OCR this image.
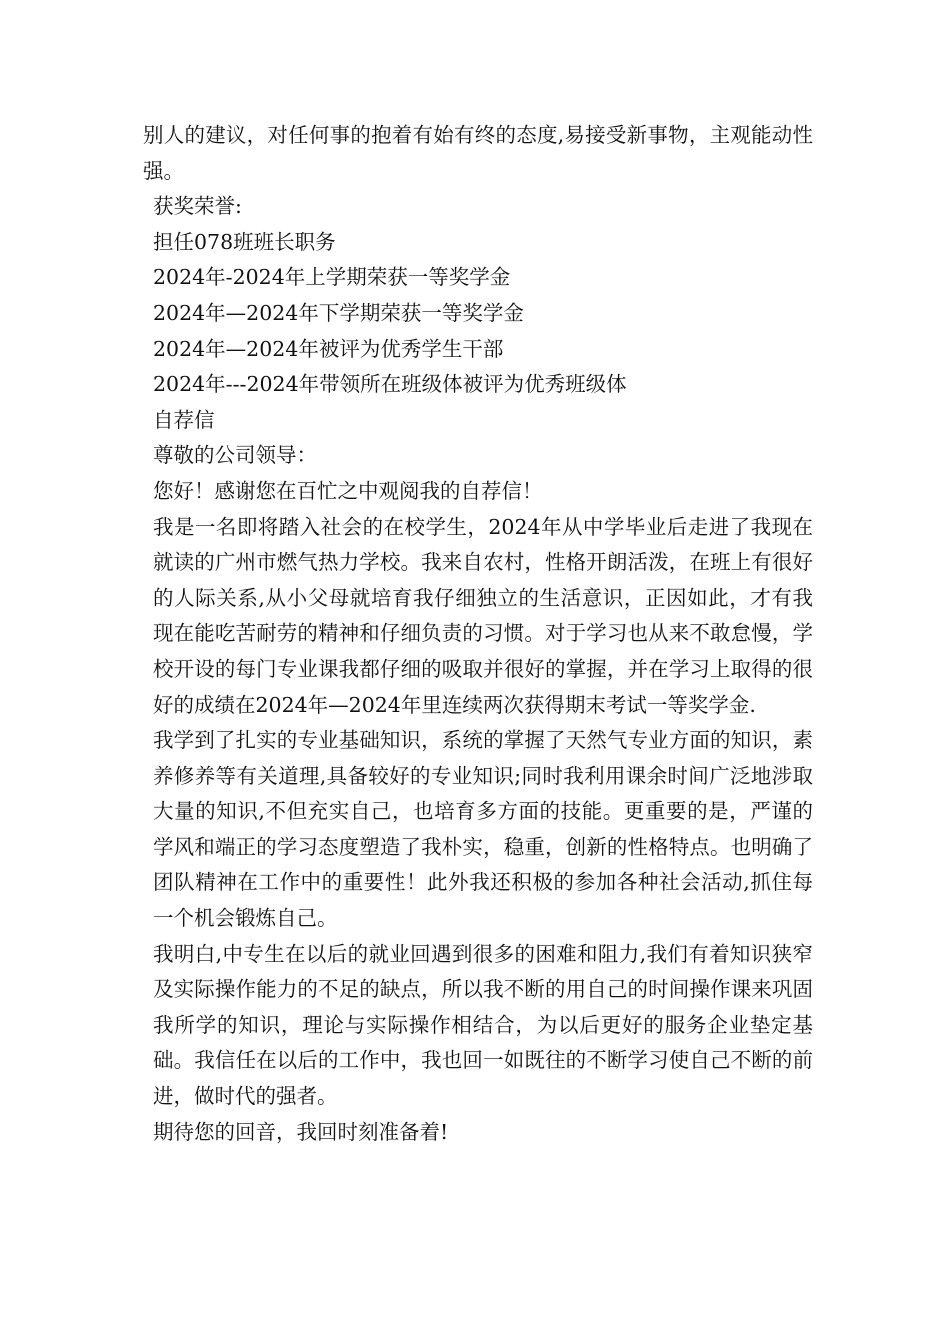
别人的建议，对任何事的抱着有始有终的态度,易接受新事物，主观能动性强。

获奖荣誉:

担任078班班长职务

2024年-2024年上学期荣获一等奖学金

2024年—2024年下学期荣获一等奖学金

2024年—2024年被评为优秀学生干部

2024年---2024年带领所在班级体被评为优秀班级体

自荐信

尊敬的公司领导：

您好！感谢您在百忙之中观阅我的自荐信！

我是一名即将踏入社会的在校学生，2024年从中学毕业后走进了我现在就读的广州市燃气热力学校。我来自农村，性格开朗活泼，在班上有很好的人际关系,从小父母就培育我仔细独立的生活意识，正因如此，才有我现在能吃苦耐劳的精神和仔细负责的习惯。对于学习也从来不敢怠慢，学校开设的每门专业课我都仔细的吸取并很好的掌握，并在学习上取得的很好的成绩在2024年—2024年里连续两次获得期末考试一等奖学金.

我学到了扎实的专业基础知识，系统的掌握了天然气专业方面的知识，素养修养等有关道理,具备较好的专业知识;同时我利用课余时间广泛地涉取大量的知识,不但充实自己，也培育多方面的技能。更重要的是，严谨的学风和端正的学习态度塑造了我朴实，稳重，创新的性格特点。也明确了团队精神在工作中的重要性！此外我还积极的参加各种社会活动,抓住每一个机会锻炼自己。

我明白,中专生在以后的就业回遇到很多的困难和阻力,我们有着知识狭窄及实际操作能力的不足的缺点，所以我不断的用自己的时间操作课来巩固我所学的知识，理论与实际操作相结合，为以后更好的服务企业垫定基础。我信任在以后的工作中，我也回一如既往的不断学习使自己不断的前进，做时代的强者。

期待您的回音，我回时刻准备着!
